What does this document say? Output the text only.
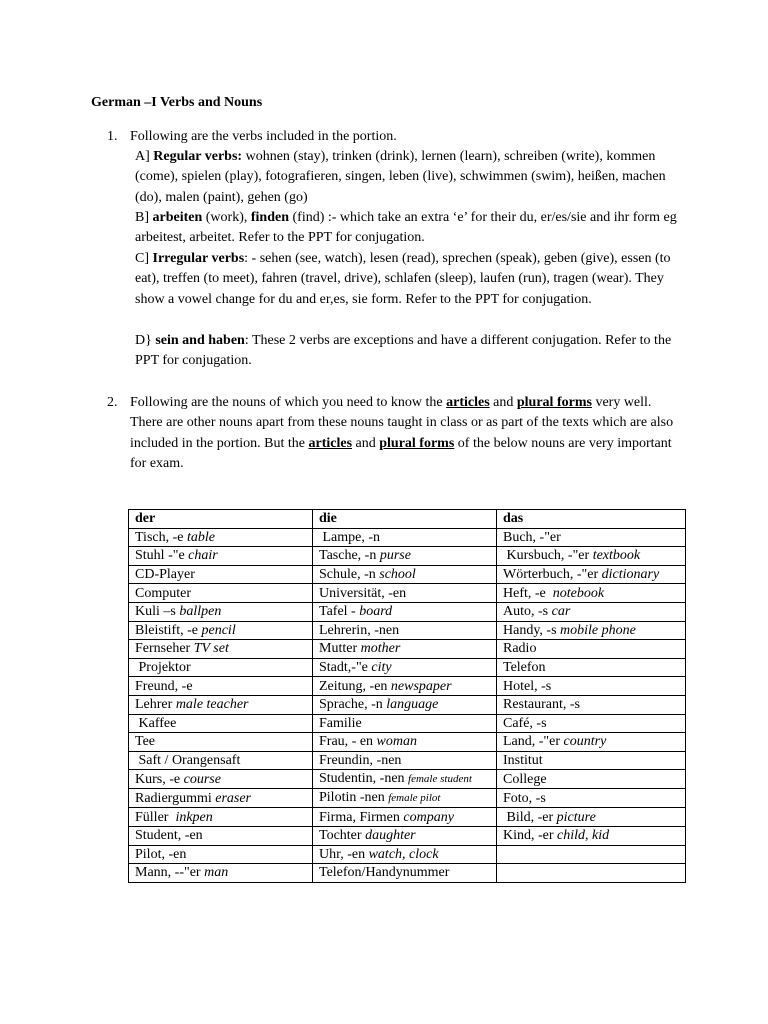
German –I Verbs and Nouns
1. Following are the verbs included in the portion.
A] Regular verbs: wohnen (stay), trinken (drink), lernen (learn), schreiben (write), kommen (come), spielen (play), fotografieren, singen, leben (live), schwimmen (swim), heißen, machen (do), malen (paint), gehen (go)
B] arbeiten (work), finden (find) :- which take an extra ‘e’ for their du, er/es/sie and ihr form eg arbeitest, arbeitet. Refer to the PPT for conjugation.
C] Irregular verbs: - sehen (see, watch), lesen (read), sprechen (speak), geben (give), essen (to eat), treffen (to meet), fahren (travel, drive), schlafen (sleep), laufen (run), tragen (wear). They show a vowel change for du and er,es, sie form. Refer to the PPT for conjugation.
D} sein and haben: These 2 verbs are exceptions and have a different conjugation. Refer to the PPT for conjugation.
2. Following are the nouns of which you need to know the articles and plural forms very well. There are other nouns apart from these nouns taught in class or as part of the texts which are also included in the portion. But the articles and plural forms of the below nouns are very important for exam.
der	die	das
Tisch, -e table	Lampe, -n	Buch, -"er
Stuhl -"e chair	Tasche, -n purse	Kursbuch, -"er textbook
CD-Player	Schule, -n school	Wörterbuch, -"er dictionary
Computer	Universität, -en	Heft, -e  notebook
Kuli –s ballpen	Tafel - board	Auto, -s car
Bleistift, -e pencil	Lehrerin, -nen	Handy, -s mobile phone
Fernseher TV set	Mutter mother	Radio
Projektor	Stadt,-"e city	Telefon
Freund, -e	Zeitung, -en newspaper	Hotel, -s
Lehrer male teacher	Sprache, -n language	Restaurant, -s
Kaffee	Familie	Café, -s
Tee	Frau, - en woman	Land, -"er country
Saft / Orangensaft	Freundin, -nen	Institut
Kurs, -e course	Studentin, -nen female student	College
Radiergummi eraser	Pilotin -nen female pilot	Foto, -s
Füller  inkpen	Firma, Firmen company	Bild, -er picture
Student, -en	Tochter daughter	Kind, -er child, kid
Pilot, -en	Uhr, -en watch, clock	
Mann, --"er man	Telefon/Handynummer	
